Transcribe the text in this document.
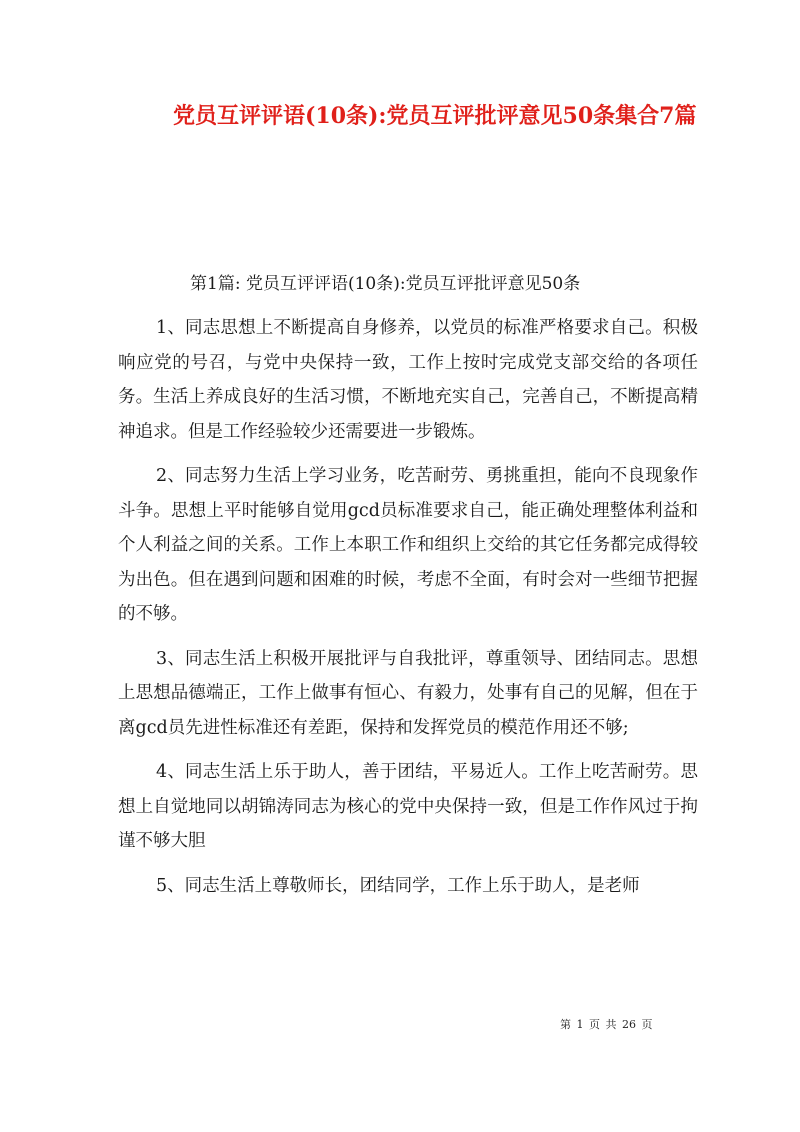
党员互评评语(10条):党员互评批评意见50条集合7篇
第1篇: 党员互评评语(10条):党员互评批评意见50条

1、同志思想上不断提高自身修养，以党员的标准严格要求自己。积极响应党的号召，与党中央保持一致，工作上按时完成党支部交给的各项任务。生活上养成良好的生活习惯，不断地充实自己，完善自己，不断提高精神追求。但是工作经验较少还需要进一步锻炼。

2、同志努力生活上学习业务，吃苦耐劳、勇挑重担，能向不良现象作斗争。思想上平时能够自觉用gcd员标准要求自己，能正确处理整体利益和个人利益之间的关系。工作上本职工作和组织上交给的其它任务都完成得较为出色。但在遇到问题和困难的时候，考虑不全面，有时会对一些细节把握的不够。

3、同志生活上积极开展批评与自我批评，尊重领导、团结同志。思想上思想品德端正，工作上做事有恒心、有毅力，处事有自己的见解，但在于离gcd员先进性标准还有差距，保持和发挥党员的模范作用还不够;

4、同志生活上乐于助人，善于团结，平易近人。工作上吃苦耐劳。思想上自觉地同以胡锦涛同志为核心的党中央保持一致，但是工作作风过于拘谨不够大胆

5、同志生活上尊敬师长，团结同学，工作上乐于助人，是老师

第 1 页 共 26 页
